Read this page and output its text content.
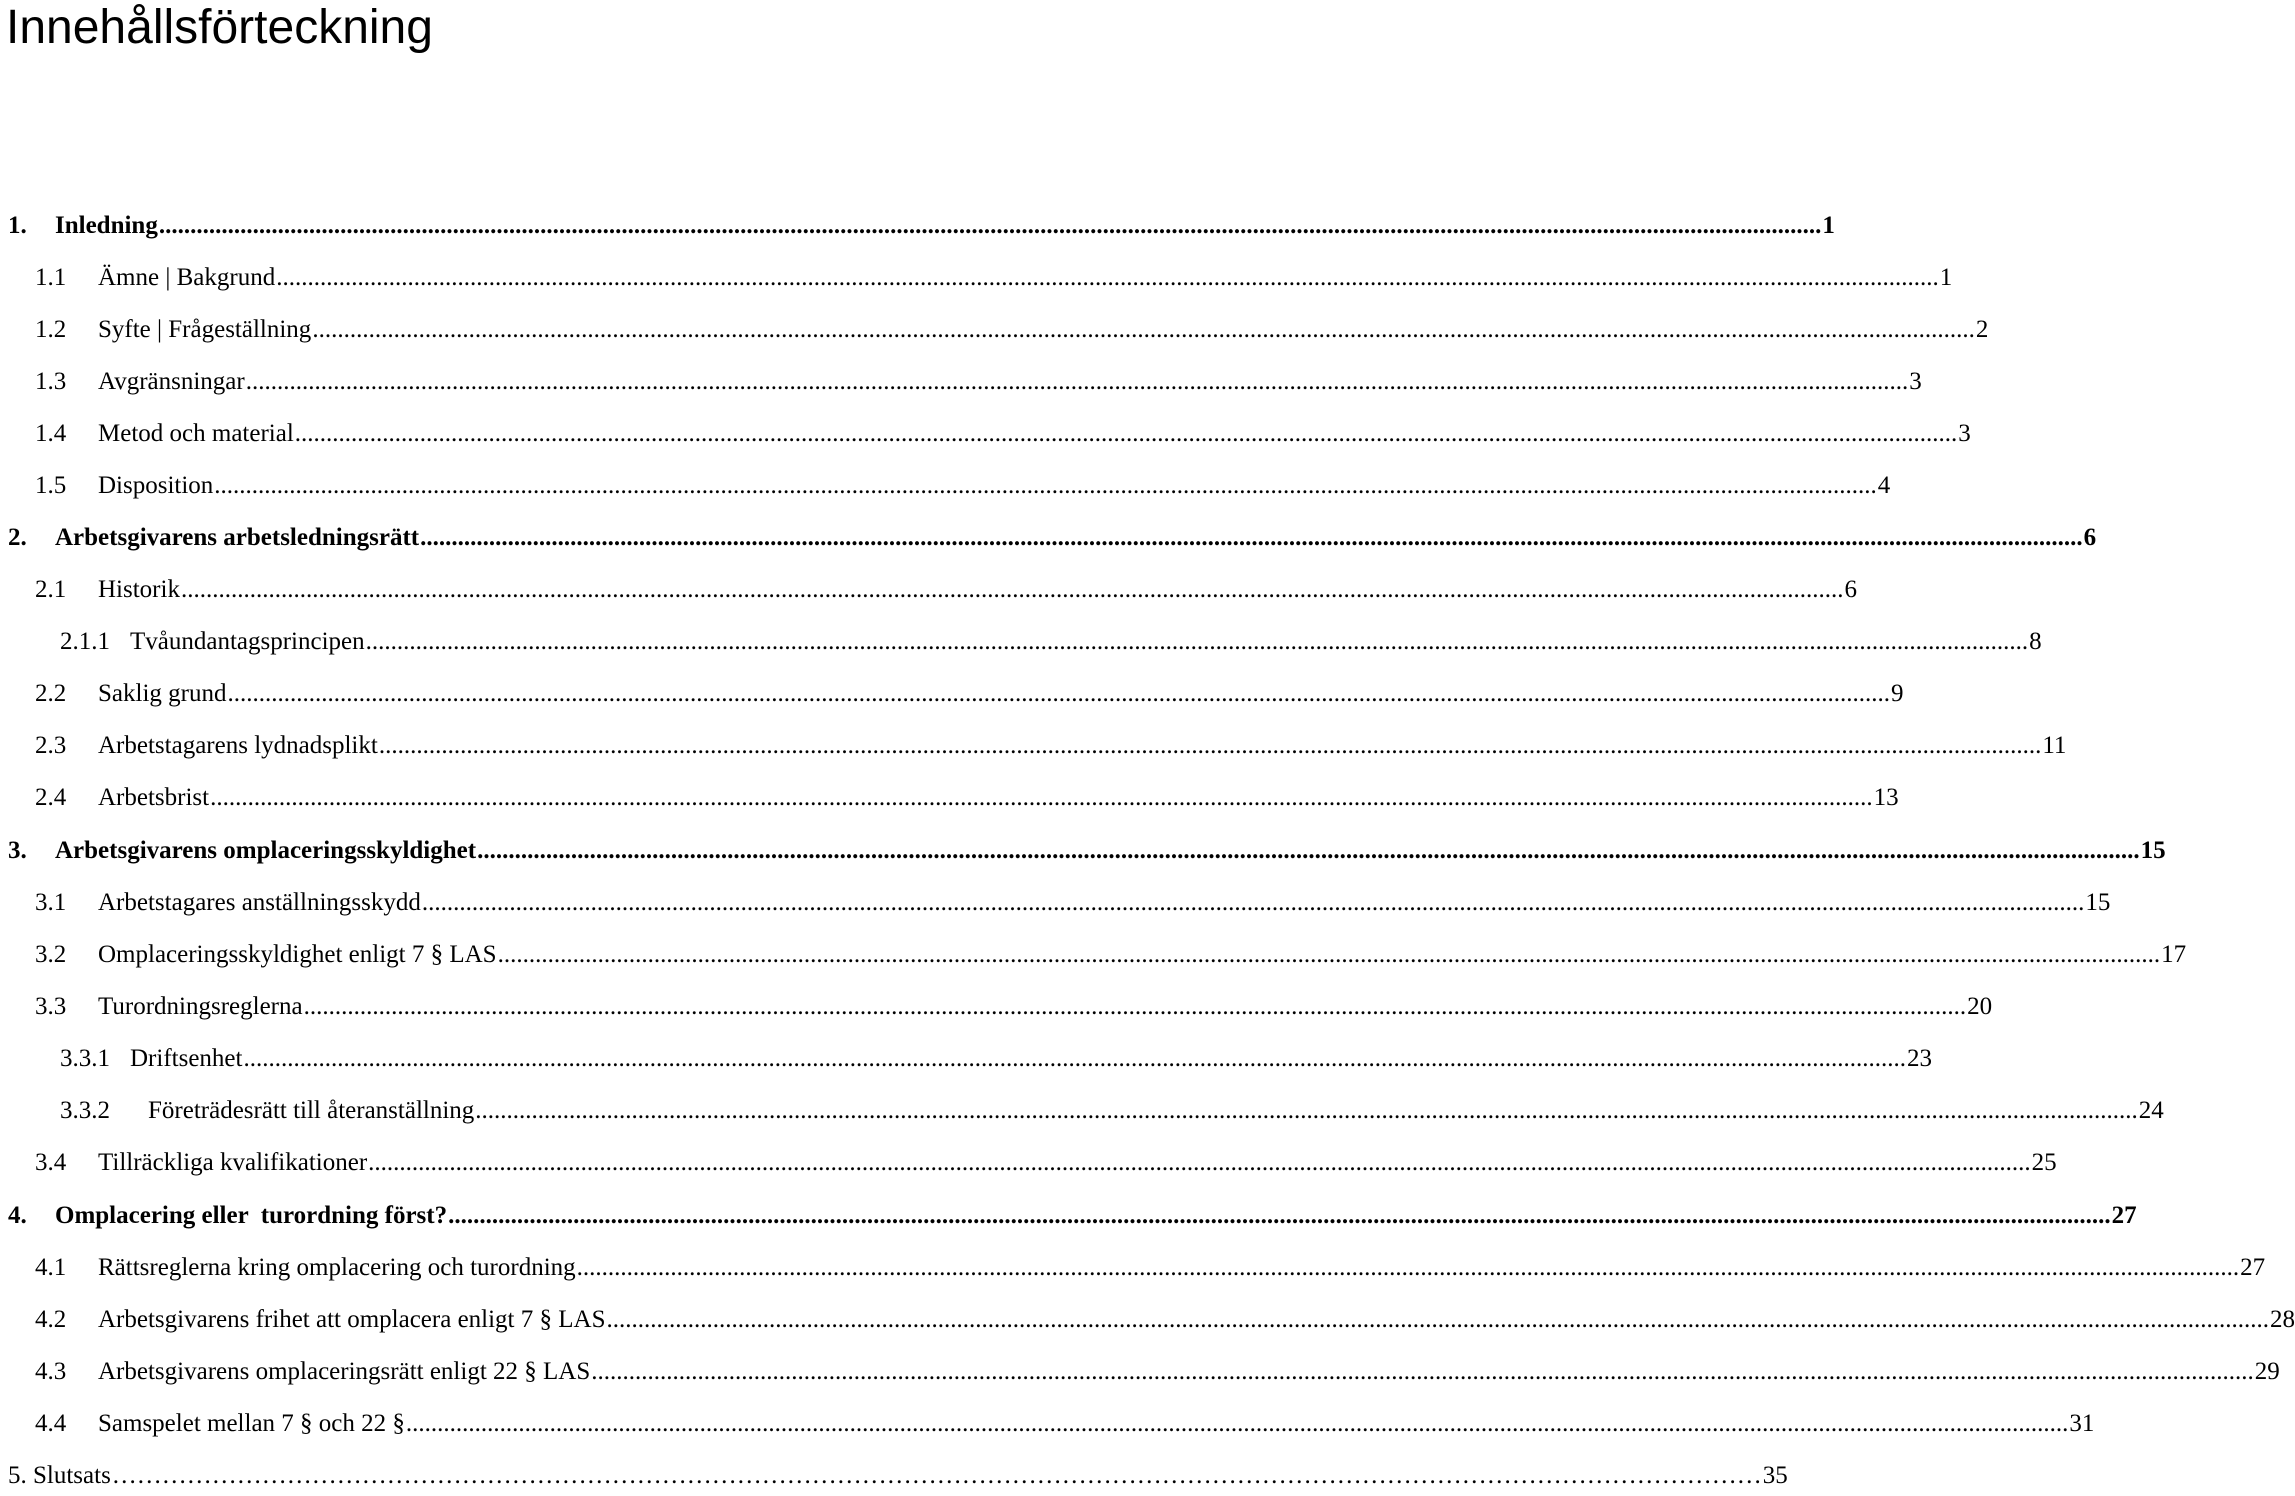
Innehållsförteckning
1.	Inledning .....	1
1.1	Ämne | Bakgrund .....	1
1.2	Syfte | Frågeställning .....	2
1.3	Avgränsningar .....	3
1.4	Metod och material .....	3
1.5	Disposition .....	4
2.	Arbetsgivarens arbetsledningsrätt .....	6
2.1	Historik .....	6
2.1.1 Tvåundantagsprincipen .....	8
2.2	Saklig grund .....	9
2.3	Arbetstagarens lydnadsplikt .....	11
2.4	Arbetsbrist .....	13
3.	Arbetsgivarens omplaceringsskyldighet .....	15
3.1	Arbetstagares anställningsskydd .....	15
3.2	Omplaceringsskyldighet enligt 7 § LAS .....	17
3.3	Turordningsreglerna .....	20
3.3.1 Driftsenhet .....	23
3.3.2	Företrädesrätt till återanställning .....	24
3.4	Tillräckliga kvalifikationer .....	25
4.	Omplacering eller  turordning först? .....	27
4.1	Rättsreglerna kring omplacering och turordning .....	27
4.2	Arbetsgivarens frihet att omplacera enligt 7 § LAS .....	28
4.3	Arbetsgivarens omplaceringsrätt enligt 22 § LAS .....	29
4.4	Samspelet mellan 7 § och 22 § .....	31
5. Slutsats ………………………………………………………………………………………………………………………………………………………………………………	35
